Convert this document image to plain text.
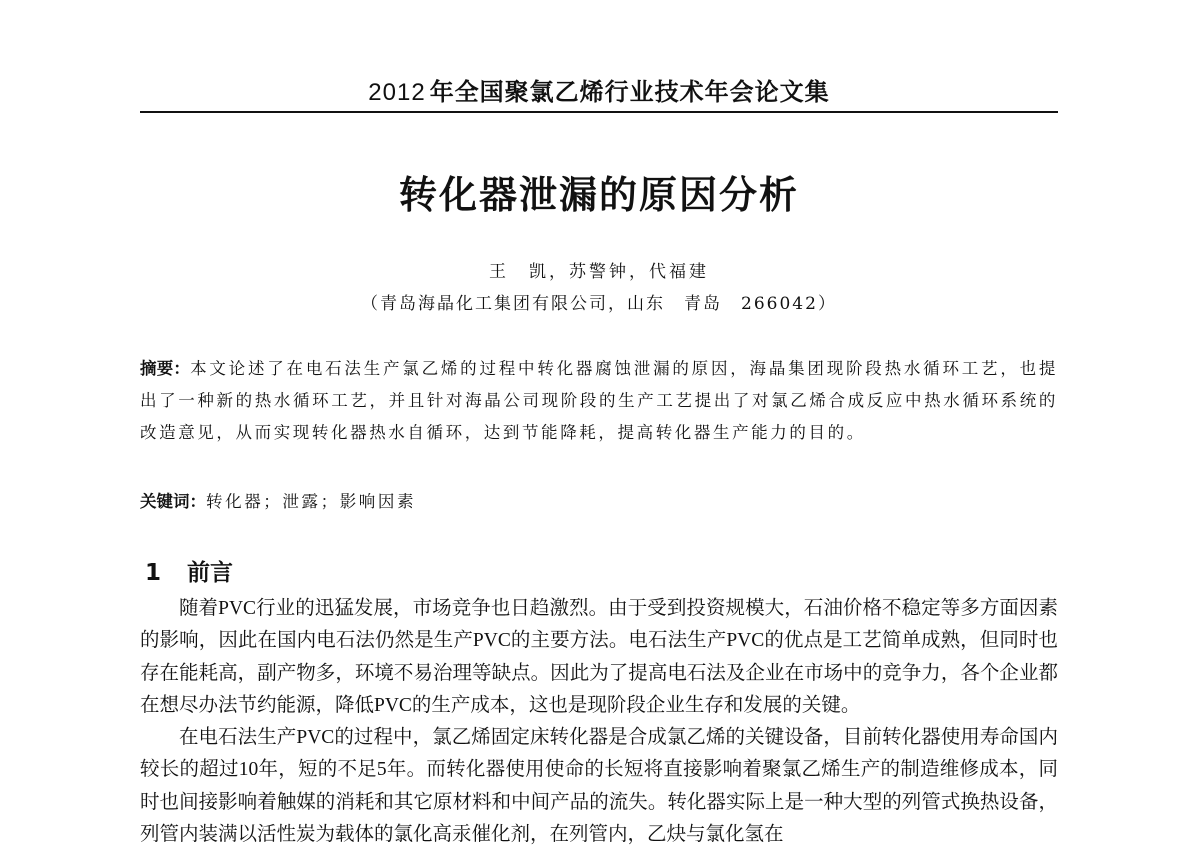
2012 年全国聚氯乙烯行业技术年会论文集
转化器泄漏的原因分析
王　凯，苏警钟，代福建
（青岛海晶化工集团有限公司，山东　青岛　266042）
摘要：本文论述了在电石法生产氯乙烯的过程中转化器腐蚀泄漏的原因，海晶集团现阶段热水循环工艺，也提出了一种新的热水循环工艺，并且针对海晶公司现阶段的生产工艺提出了对氯乙烯合成反应中热水循环系统的改造意见，从而实现转化器热水自循环，达到节能降耗，提高转化器生产能力的目的。
关键词：转化器；泄露；影响因素
1 前言

随着PVC行业的迅猛发展，市场竞争也日趋激烈。由于受到投资规模大，石油价格不稳定等多方面因素的影响，因此在国内电石法仍然是生产PVC的主要方法。电石法生产PVC的优点是工艺简单成熟，但同时也存在能耗高，副产物多，环境不易治理等缺点。因此为了提高电石法及企业在市场中的竞争力，各个企业都在想尽办法节约能源，降低PVC的生产成本，这也是现阶段企业生存和发展的关键。

在电石法生产PVC的过程中，氯乙烯固定床转化器是合成氯乙烯的关键设备，目前转化器使用寿命国内较长的超过10年，短的不足5年。而转化器使用使命的长短将直接影响着聚氯乙烯生产的制造维修成本，同时也间接影响着触媒的消耗和其它原材料和中间产品的流失。转化器实际上是一种大型的列管式换热设备，列管内装满以活性炭为载体的氯化高汞催化剂，在列管内，乙炔与氯化氢在
